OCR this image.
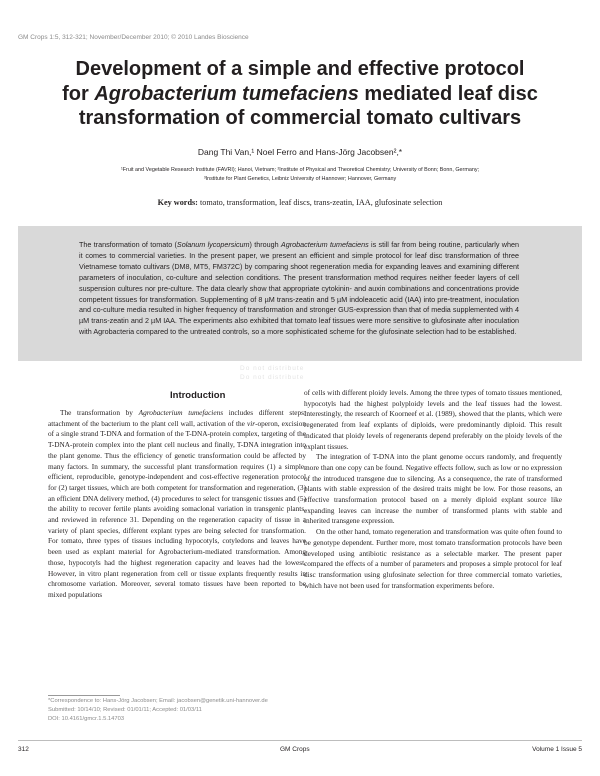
GM Crops 1:5, 312-321; November/December 2010; © 2010 Landes Bioscience
Development of a simple and effective protocol
for Agrobacterium tumefaciens mediated leaf disc
transformation of commercial tomato cultivars
Dang Thi Van,¹ Noel Ferro and Hans-Jörg Jacobsen²,*
¹Fruit and Vegetable Research Institute (FAVRI); Hanoi, Vietnam; ²Institute of Physical and Theoretical Chemistry; University of Bonn; Bonn, Germany;
³Institute for Plant Genetics, Leibniz University of Hannover; Hannover, Germany
Key words: tomato, transformation, leaf discs, trans-zeatin, IAA, glufosinate selection
The transformation of tomato (Solanum lycopersicum) through Agrobacterium tumefaciens is still far from being routine, particularly when it comes to commercial varieties. In the present paper, we present an efficient and simple protocol for leaf disc transformation of three Vietnamese tomato cultivars (DM8, MT5, FM372C) by comparing shoot regeneration media for expanding leaves and examining different parameters of inoculation, co-culture and selection conditions. The present transformation method requires neither feeder layers of cell suspension cultures nor pre-culture. The data clearly show that appropriate cytokinin- and auxin combinations and concentrations provide competent tissues for transformation. Supplementing of 8 µM trans-zeatin and 5 µM indoleacetic acid (IAA) into pre-treatment, inoculation and co-culture media resulted in higher frequency of transformation and stronger GUS-expression than that of media supplemented with 4 µM trans-zeatin and 2 µM IAA. The experiments also exhibited that tomato leaf tissues were more sensitive to glufosinate after inoculation with Agrobacteria compared to the untreated controls, so a more sophisticated scheme for the glufosinate selection had to be established.
Do not distribute
Do not distribute
Introduction

The transformation by Agrobacterium tumefaciens includes different steps: attachment of the bacterium to the plant cell wall, activation of the vir-operon, excision of a single strand T-DNA and formation of the T-DNA-protein complex, targeting of the T-DNA-protein complex into the plant cell nucleus and finally, T-DNA integration into the plant genome. Thus the efficiency of genetic transformation could be affected by many factors. In summary, the successful plant transformation requires (1) a simple, efficient, reproducible, genotype-independent and cost-effective regeneration protocol for (2) target tissues, which are both competent for transformation and regeneration, (3) an efficient DNA delivery method, (4) procedures to select for transgenic tissues and (5) the ability to recover fertile plants avoiding somaclonal variation in transgenic plants, and reviewed in reference 31. Depending on the regeneration capacity of tissue in a variety of plant species, different explant types are being selected for transformation. For tomato, three types of tissues including hypocotyls, cotyledons and leaves have been used as explant material for Agrobacterium-mediated transformation. Among those, hypocotyls had the highest regeneration capacity and leaves had the lowest. However, in vitro plant regeneration from cell or tissue explants frequently results in chromosome variation. Moreover, several tomato tissues have been reported to be mixed populations

of cells with different ploidy levels. Among the three types of tomato tissues mentioned, hypocotyls had the highest polyploidy levels and the leaf tissues had the lowest. Interestingly, the research of Koorneef et al. (1989), showed that the plants, which were regenerated from leaf explants of diploids, were predominantly diploid. This result indicated that ploidy levels of regenerants depend preferably on the ploidy levels of the explant tissues.

The integration of T-DNA into the plant genome occurs randomly, and frequently more than one copy can be found. Negative effects follow, such as low or no expression of the introduced transgene due to silencing. As a consequence, the rate of transformed plants with stable expression of the desired traits might be low. For those reasons, an effective transformation protocol based on a merely diploid explant source like expanding leaves can increase the number of transformed plants with stable and inherited transgene expression.

On the other hand, tomato regeneration and transformation was quite often found to be genotype dependent. Further more, most tomato transformation protocols have been developed using antibiotic resistance as a selectable marker. The present paper compared the effects of a number of parameters and proposes a simple protocol for leaf disc transformation using glufosinate selection for three commercial tomato varieties, which have not been used for transformation experiments before.

*Correspondence to: Hans-Jörg Jacobsen; Email: jacobsen@genetik.uni-hannover.de
Submitted: 10/14/10; Revised: 01/01/11; Accepted: 01/03/11
DOI: 10.4161/gmcr.1.5.14703
312	GM Crops	Volume 1 Issue 5
